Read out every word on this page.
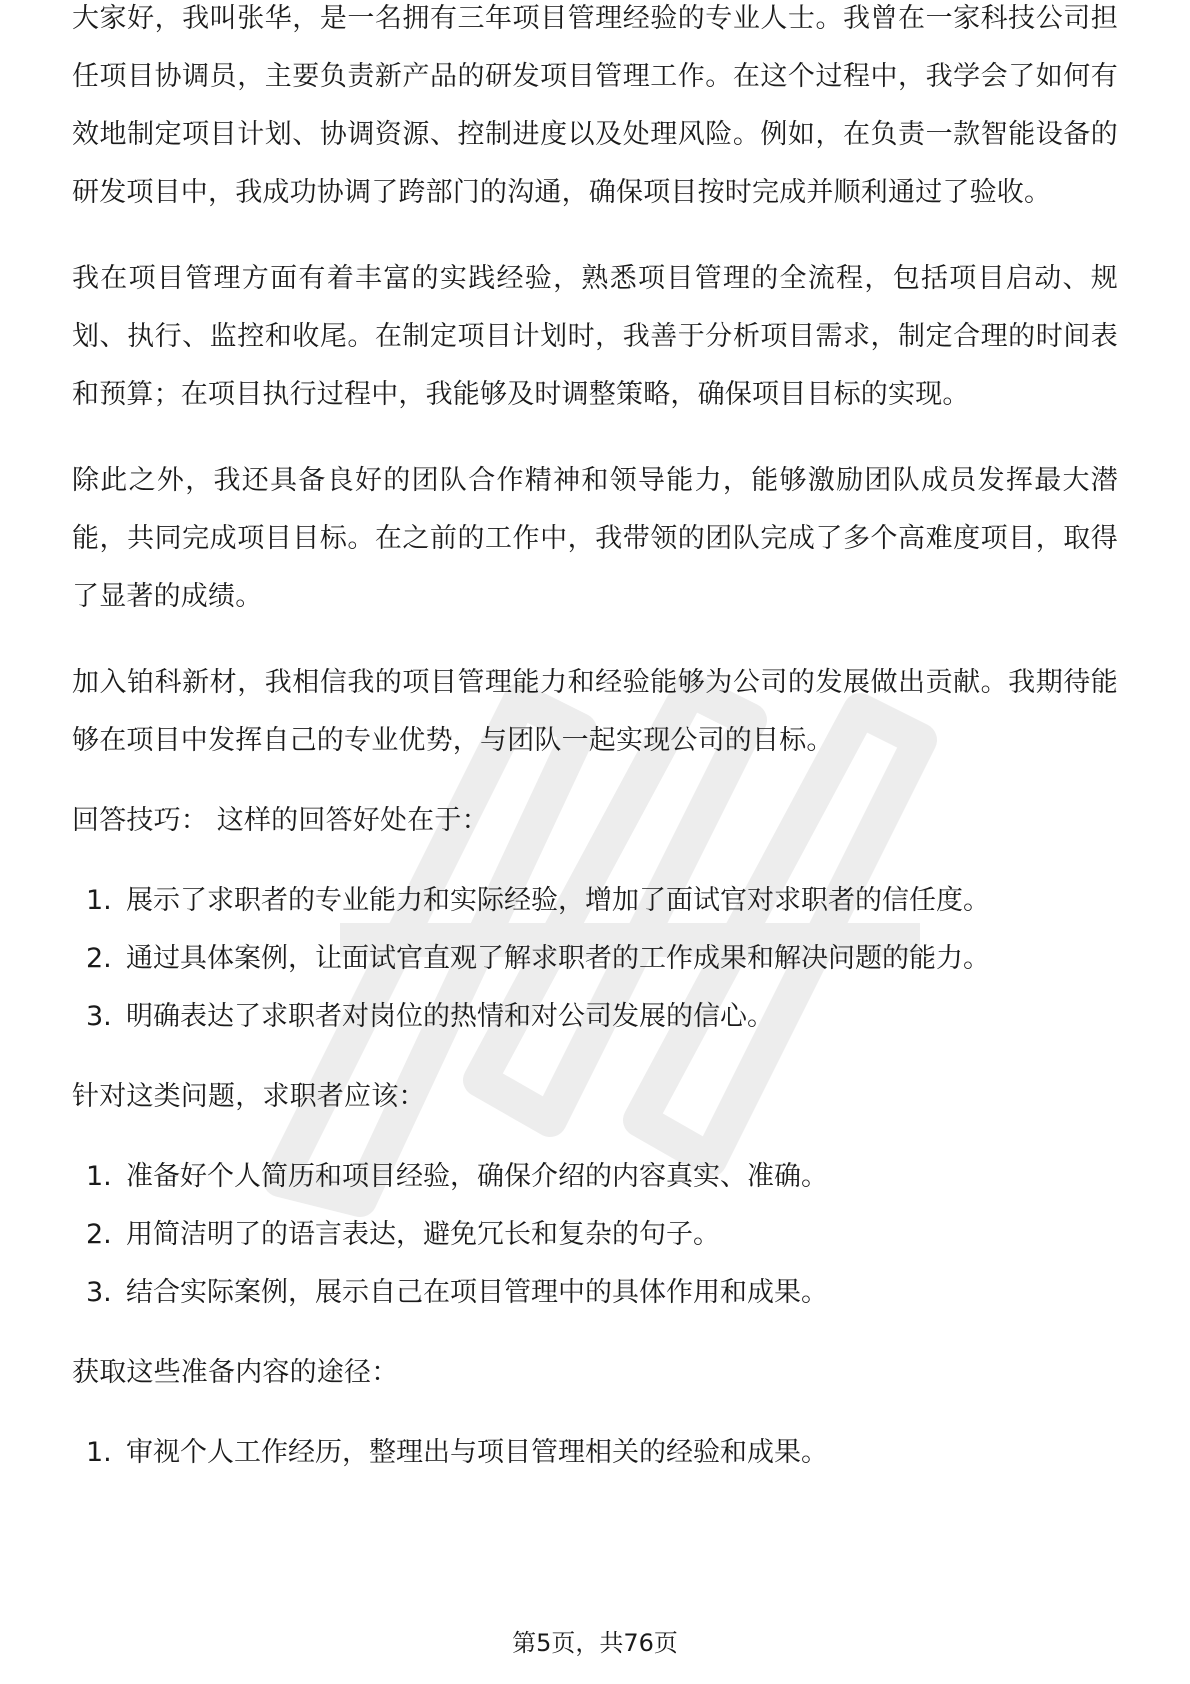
大家好，我叫张华，是一名拥有三年项目管理经验的专业人士。我曾在一家科技公司担任项目协调员，主要负责新产品的研发项目管理工作。在这个过程中，我学会了如何有效地制定项目计划、协调资源、控制进度以及处理风险。例如，在负责一款智能设备的研发项目中，我成功协调了跨部门的沟通，确保项目按时完成并顺利通过了验收。

我在项目管理方面有着丰富的实践经验，熟悉项目管理的全流程，包括项目启动、规划、执行、监控和收尾。在制定项目计划时，我善于分析项目需求，制定合理的时间表和预算；在项目执行过程中，我能够及时调整策略，确保项目目标的实现。

除此之外，我还具备良好的团队合作精神和领导能力，能够激励团队成员发挥最大潜能，共同完成项目目标。在之前的工作中，我带领的团队完成了多个高难度项目，取得了显著的成绩。

加入铂科新材，我相信我的项目管理能力和经验能够为公司的发展做出贡献。我期待能够在项目中发挥自己的专业优势，与团队一起实现公司的目标。

回答技巧： 这样的回答好处在于：

1. 展示了求职者的专业能力和实际经验，增加了面试官对求职者的信任度。
2. 通过具体案例，让面试官直观了解求职者的工作成果和解决问题的能力。
3. 明确表达了求职者对岗位的热情和对公司发展的信心。

针对这类问题，求职者应该：

1. 准备好个人简历和项目经验，确保介绍的内容真实、准确。
2. 用简洁明了的语言表达，避免冗长和复杂的句子。
3. 结合实际案例，展示自己在项目管理中的具体作用和成果。

获取这些准备内容的途径：

1. 审视个人工作经历，整理出与项目管理相关的经验和成果。
第5页，共76页
